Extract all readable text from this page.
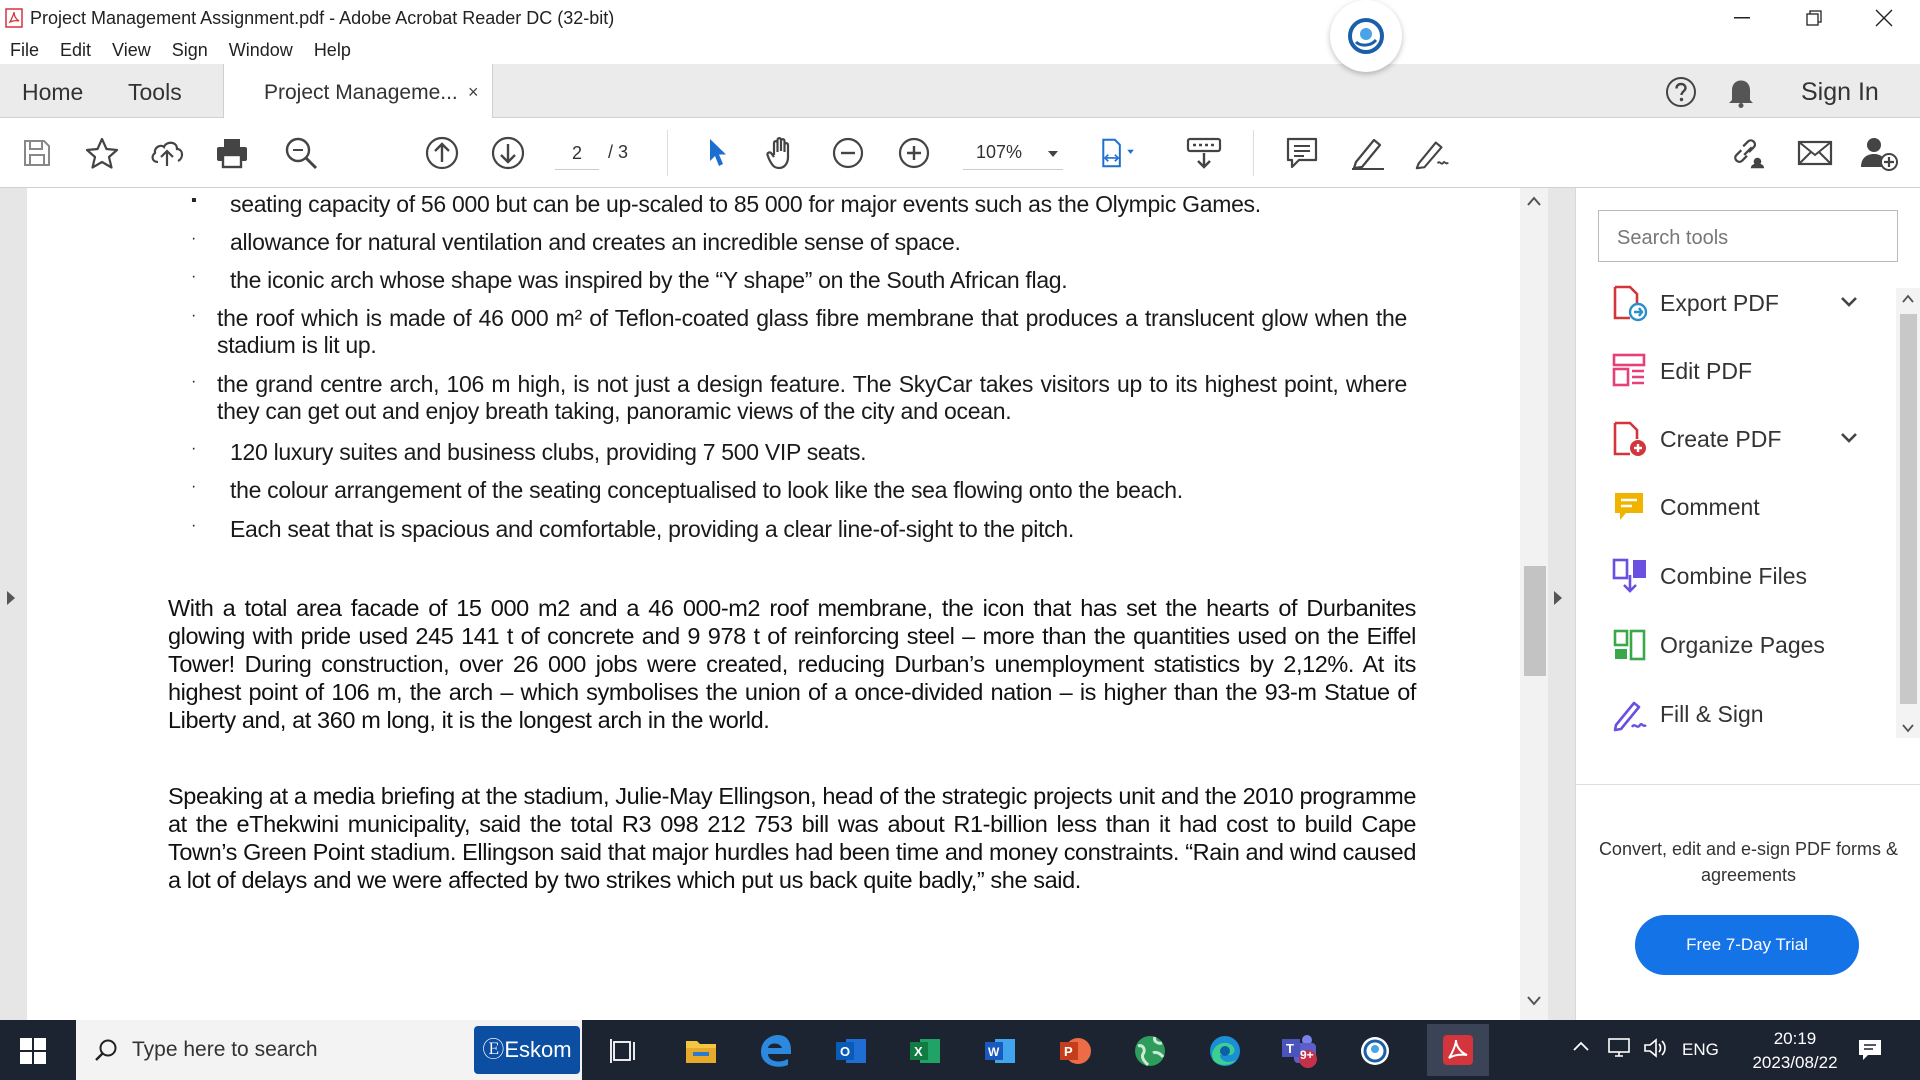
Project Management Assignment.pdf - Adobe Acrobat Reader DC (32-bit)
File Edit View Sign Window Help
Home Tools	Project Manageme... ×	Sign In
2	/ 3	107%
▪ seating capacity of 56 000 but can be up-scaled to 85 000 for major events such as the Olympic Games.
· allowance for natural ventilation and creates an incredible sense of space.
· the iconic arch whose shape was inspired by the “Y shape” on the South African flag.
· the roof which is made of 46 000 m² of Teflon-coated glass fibre membrane that produces a translucent glow when the stadium is lit up.
· the grand centre arch, 106 m high, is not just a design feature. The SkyCar takes visitors up to its highest point, where they can get out and enjoy breath taking, panoramic views of the city and ocean.
· 120 luxury suites and business clubs, providing 7 500 VIP seats.
· the colour arrangement of the seating conceptualised to look like the sea flowing onto the beach.
· Each seat that is spacious and comfortable, providing a clear line-of-sight to the pitch.

With a total area facade of 15 000 m2 and a 46 000-m2 roof membrane, the icon that has set the hearts of Durbanites glowing with pride used 245 141 t of concrete and 9 978 t of reinforcing steel – more than the quantities used on the Eiffel Tower! During construction, over 26 000 jobs were created, reducing Durban’s unemployment statistics by 2,12%. At its highest point of 106 m, the arch – which symbolises the union of a once-divided nation – is higher than the 93-m Statue of Liberty and, at 360 m long, it is the longest arch in the world.

Speaking at a media briefing at the stadium, Julie-May Ellingson, head of the strategic projects unit and the 2010 programme at the eThekwini municipality, said the total R3 098 212 753 bill was about R1-billion less than it had cost to build Cape Town’s Green Point stadium. Ellingson said that major hurdles had been time and money constraints. “Rain and wind caused a lot of delays and we were affected by two strikes which put us back quite badly,” she said.

Search tools
Export PDF
Edit PDF
Create PDF
Comment
Combine Files
Organize Pages
Fill & Sign
Convert, edit and e-sign PDF forms & agreements
Free 7-Day Trial
Type here to search	ⒺEskom	O	X	W	P	T 9+	ENG
20:19
2023/08/22
